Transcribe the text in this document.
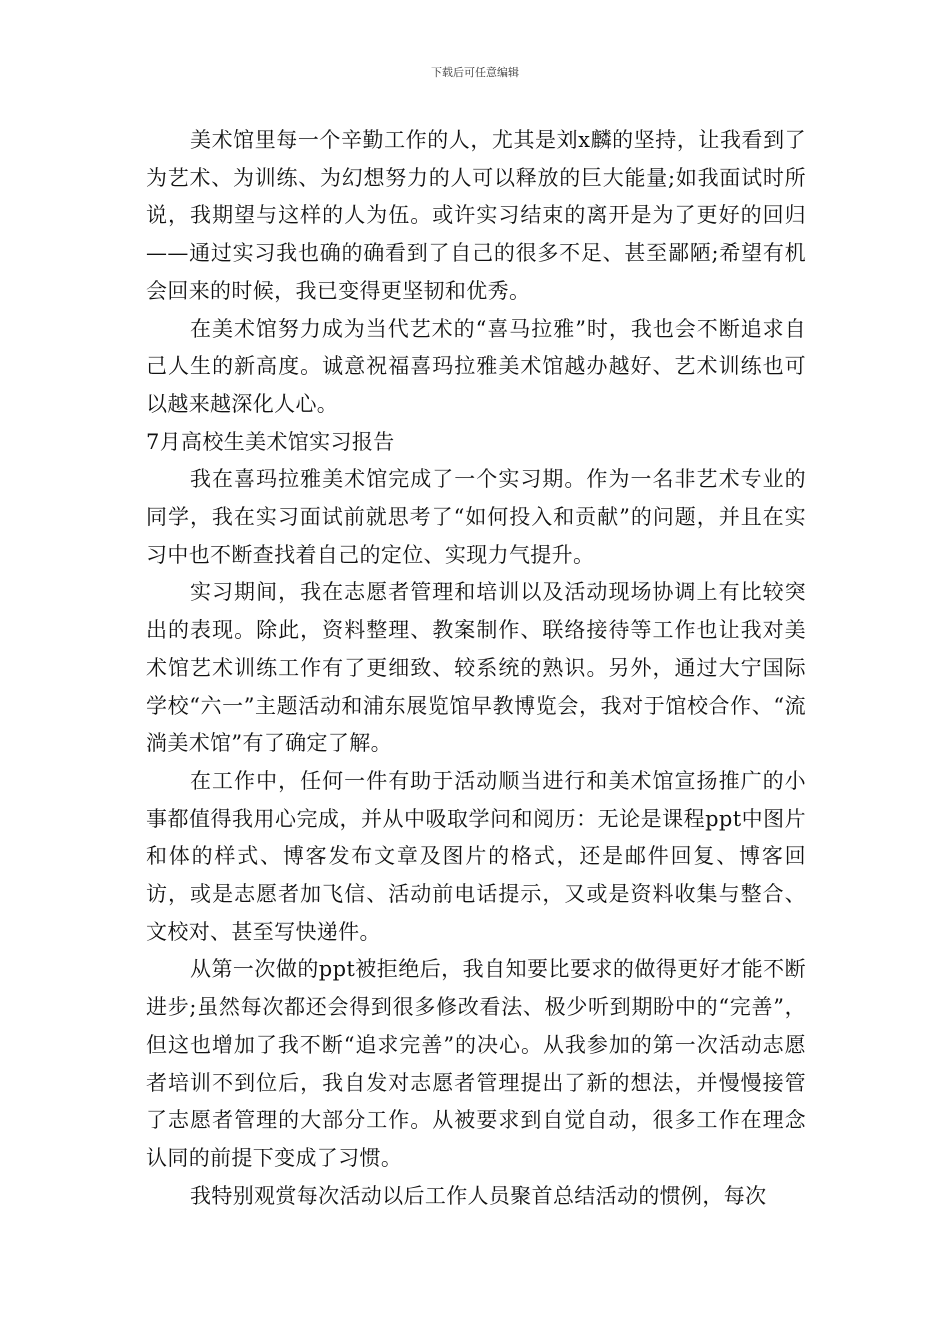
下载后可任意编辑

美术馆里每一个辛勤工作的人，尤其是刘x麟的坚持，让我看到了为艺术、为训练、为幻想努力的人可以释放的巨大能量;如我面试时所说，我期望与这样的人为伍。或许实习结束的离开是为了更好的回归——通过实习我也确的确看到了自己的很多不足、甚至鄙陋;希望有机会回来的时候，我已变得更坚韧和优秀。

在美术馆努力成为当代艺术的“喜马拉雅”时，我也会不断追求自己人生的新高度。诚意祝福喜玛拉雅美术馆越办越好、艺术训练也可以越来越深化人心。

7月高校生美术馆实习报告

我在喜玛拉雅美术馆完成了一个实习期。作为一名非艺术专业的同学，我在实习面试前就思考了“如何投入和贡献”的问题，并且在实习中也不断查找着自己的定位、实现力气提升。

实习期间，我在志愿者管理和培训以及活动现场协调上有比较突出的表现。除此，资料整理、教案制作、联络接待等工作也让我对美术馆艺术训练工作有了更细致、较系统的熟识。另外，通过大宁国际学校“六一”主题活动和浦东展览馆早教博览会，我对于馆校合作、“流淌美术馆”有了确定了解。

在工作中，任何一件有助于活动顺当进行和美术馆宣扬推广的小事都值得我用心完成，并从中吸取学问和阅历：无论是课程ppt中图片和体的样式、博客发布文章及图片的格式，还是邮件回复、博客回访，或是志愿者加飞信、活动前电话提示，又或是资料收集与整合、文校对、甚至写快递件。

从第一次做的ppt被拒绝后，我自知要比要求的做得更好才能不断进步;虽然每次都还会得到很多修改看法、极少听到期盼中的“完善”，但这也增加了我不断“追求完善”的决心。从我参加的第一次活动志愿者培训不到位后，我自发对志愿者管理提出了新的想法，并慢慢接管了志愿者管理的大部分工作。从被要求到自觉自动，很多工作在理念认同的前提下变成了习惯。

我特别观赏每次活动以后工作人员聚首总结活动的惯例，每次
